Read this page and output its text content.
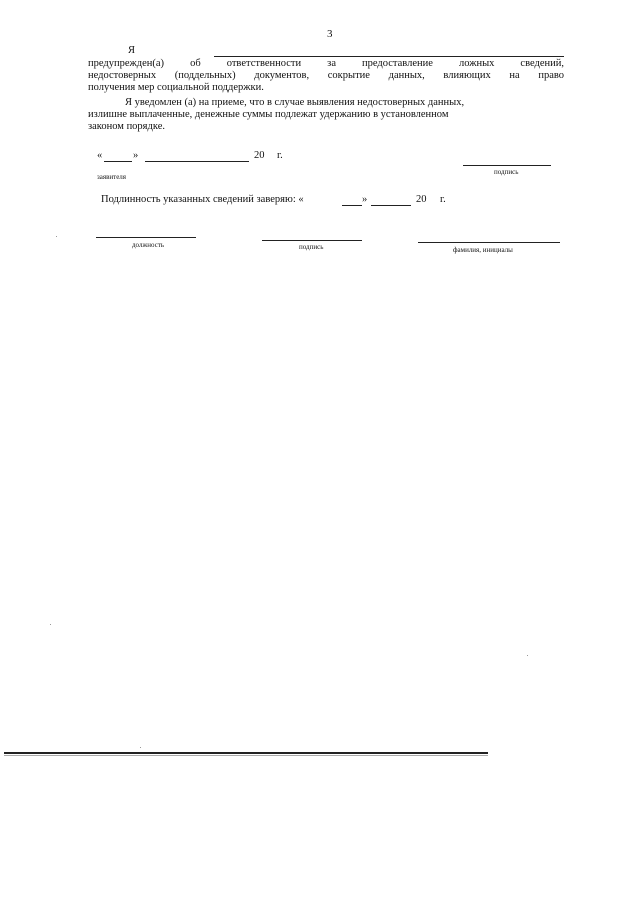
3
Я
предупрежден(а) об ответственности за предоставление ложных сведений,
недостоверных (поддельных) документов, сокрытие данных, влияющих на право
получения мер социальной поддержки.
Я уведомлен (а) на приеме, что в случае выявления недостоверных данных,
излишне выплаченные, денежные суммы подлежат удержанию в установленном
законом порядке.
«	»	20 г.
подпись
заявителя
Подлинность указанных сведений заверяю: «	»	20 г.
должность	подпись	фамилия, инициалы
